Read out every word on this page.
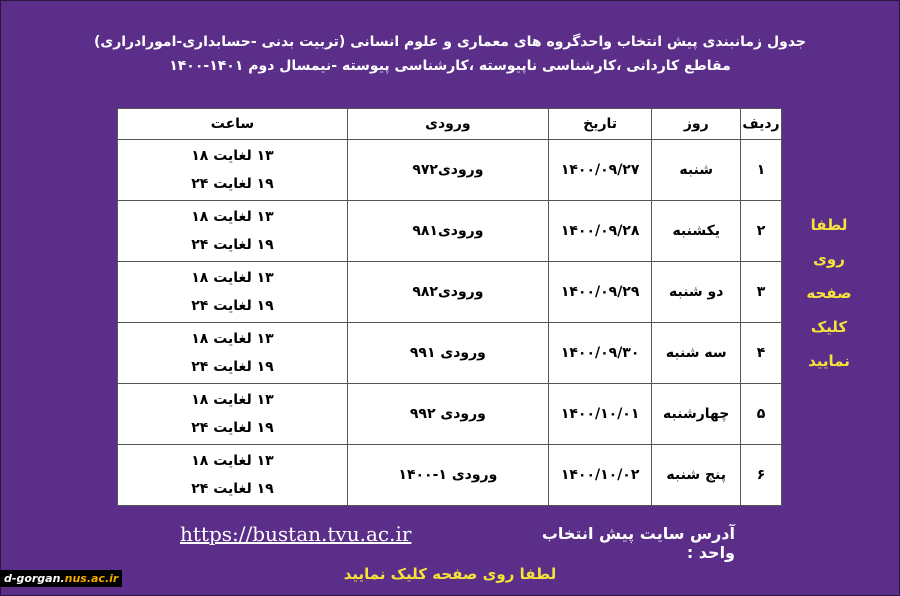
جدول زمانبندی پیش انتخاب واحدگروه های معماری و علوم انسانی (تربیت بدنی -حسابداری-امورادراری)
مقاطع کاردانی ،کارشناسی ناپیوسته ،کارشناسی پیوسته -نیمسال دوم ۱۴۰۱-۱۴۰۰
ردیف	روز	تاریخ	ورودی	ساعت
۱	شنبه	۱۴۰۰/۰۹/۲۷	ورودی۹۷۲	۱۳ لغایت ۱۸
۱۹ لغایت ۲۴

۲	یکشنبه	۱۴۰۰/۰۹/۲۸	ورودی۹۸۱	۱۳ لغایت ۱۸
۱۹ لغایت ۲۴

۳	دو شنبه	۱۴۰۰/۰۹/۲۹	ورودی۹۸۲	۱۳ لغایت ۱۸
۱۹ لغایت ۲۴

۴	سه شنبه	۱۴۰۰/۰۹/۳۰	ورودی ۹۹۱	۱۳ لغایت ۱۸
۱۹ لغایت ۲۴

۵	چهارشنبه	۱۴۰۰/۱۰/۰۱	ورودی ۹۹۲	۱۳ لغایت ۱۸
۱۹ لغایت ۲۴

۶	پنج شنبه	۱۴۰۰/۱۰/۰۲	ورودی ۱-۱۴۰۰	۱۳ لغایت ۱۸
۱۹ لغایت ۲۴
لطفا
روی
صفحه
کلیک
نمایید
آدرس سایت پیش انتخاب واحد :
https://bustan.tvu.ac.ir
لطفا روی صفحه کلیک نمایید
d-gorgan.nus.ac.ir
